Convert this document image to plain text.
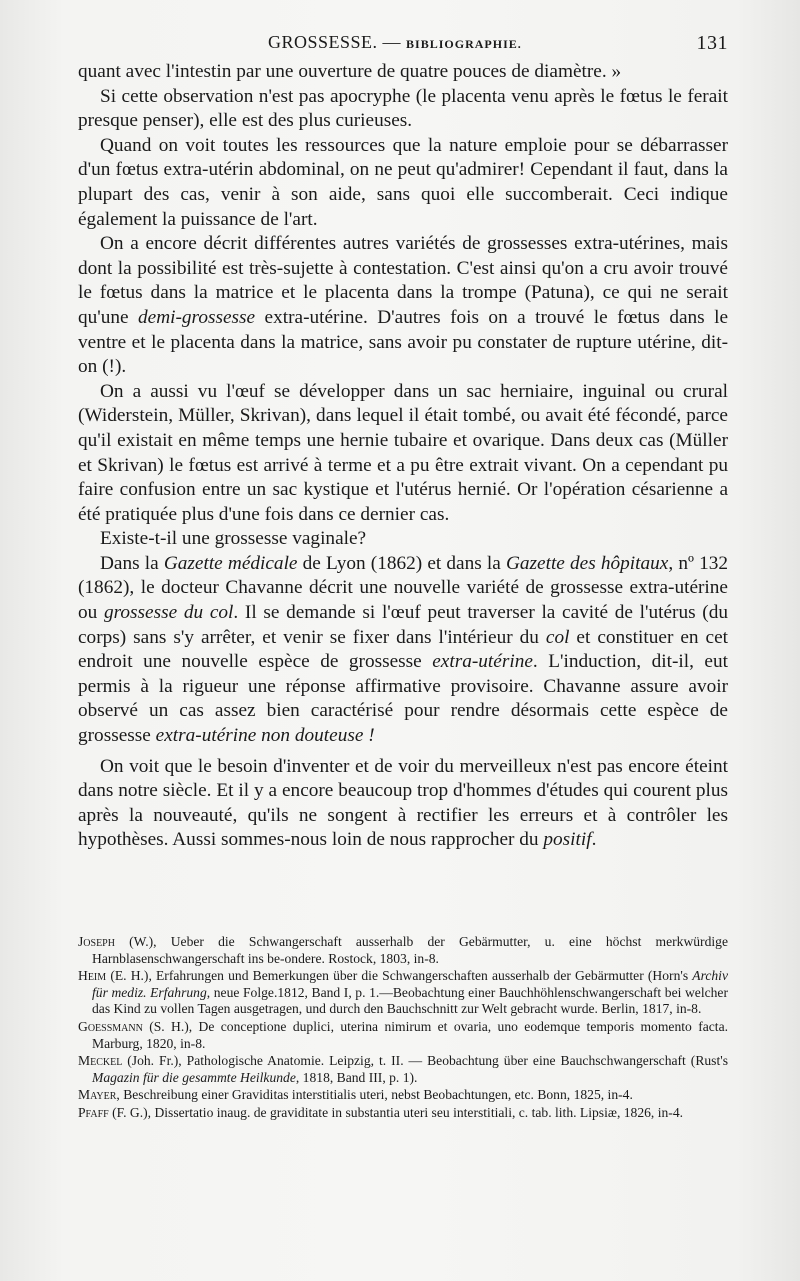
GROSSESSE. — BIBLIOGRAPHIE.	131

quant avec l'intestin par une ouverture de quatre pouces de diamètre. »

Si cette observation n'est pas apocryphe (le placenta venu après le fœtus le ferait presque penser), elle est des plus curieuses.

Quand on voit toutes les ressources que la nature emploie pour se débarrasser d'un fœtus extra-utérin abdominal, on ne peut qu'admirer! Cependant il faut, dans la plupart des cas, venir à son aide, sans quoi elle succomberait. Ceci indique également la puissance de l'art.

On a encore décrit différentes autres variétés de grossesses extra-utérines, mais dont la possibilité est très-sujette à contestation. C'est ainsi qu'on a cru avoir trouvé le fœtus dans la matrice et le placenta dans la trompe (Patuna), ce qui ne serait qu'une demi-grossesse extra-utérine. D'autres fois on a trouvé le fœtus dans le ventre et le placenta dans la matrice, sans avoir pu constater de rupture utérine, dit-on (!).

On a aussi vu l'œuf se développer dans un sac herniaire, inguinal ou crural (Widerstein, Müller, Skrivan), dans lequel il était tombé, ou avait été fécondé, parce qu'il existait en même temps une hernie tubaire et ovarique. Dans deux cas (Müller et Skrivan) le fœtus est arrivé à terme et a pu être extrait vivant. On a cependant pu faire confusion entre un sac kystique et l'utérus hernié. Or l'opération césarienne a été pratiquée plus d'une fois dans ce dernier cas.

Existe-t-il une grossesse vaginale?

Dans la Gazette médicale de Lyon (1862) et dans la Gazette des hôpitaux, nº 132 (1862), le docteur Chavanne décrit une nouvelle variété de grossesse extra-utérine ou grossesse du col. Il se demande si l'œuf peut traverser la cavité de l'utérus (du corps) sans s'y arrêter, et venir se fixer dans l'intérieur du col et constituer en cet endroit une nouvelle espèce de grossesse extra-utérine. L'induction, dit-il, eut permis à la rigueur une réponse affirmative provisoire. Chavanne assure avoir observé un cas assez bien caractérisé pour rendre désormais cette espèce de grossesse extra-utérine non douteuse !

On voit que le besoin d'inventer et de voir du merveilleux n'est pas encore éteint dans notre siècle. Et il y a encore beaucoup trop d'hommes d'études qui courent plus après la nouveauté, qu'ils ne songent à rectifier les erreurs et à contrôler les hypothèses. Aussi sommes-nous loin de nous rapprocher du positif.

Joseph (W.), Ueber die Schwangerschaft ausserhalb der Gebärmutter, u. eine höchst merkwürdige Harnblasenschwangerschaft ins be-ondere. Rostock, 1803, in-8.

Heim (E. H.), Erfahrungen und Bemerkungen über die Schwangerschaften ausserhalb der Gebärmutter (Horn's Archiv für mediz. Erfahrung, neue Folge.1812, Band I, p. 1.—Beobachtung einer Bauchhöhlenschwangerschaft bei welcher das Kind zu vollen Tagen ausgetragen, und durch den Bauchschnitt zur Welt gebracht wurde. Berlin, 1817, in-8.

Goessmann (S. H.), De conceptione duplici, uterina nimirum et ovaria, uno eodemque temporis momento facta. Marburg, 1820, in-8.

Meckel (Joh. Fr.), Pathologische Anatomie. Leipzig, t. II. — Beobachtung über eine Bauchschwangerschaft (Rust's Magazin für die gesammte Heilkunde, 1818, Band III, p. 1).

Mayer, Beschreibung einer Graviditas interstitialis uteri, nebst Beobachtungen, etc. Bonn, 1825, in-4.

Pfaff (F. G.), Dissertatio inaug. de graviditate in substantia uteri seu interstitiali, c. tab. lith. Lipsiæ, 1826, in-4.
